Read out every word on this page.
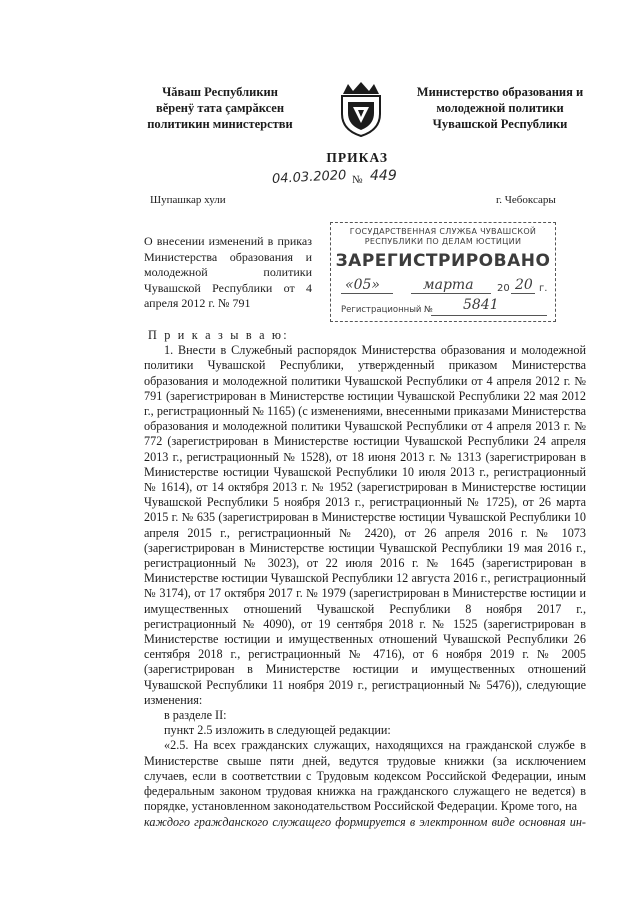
Чăваш Республикин
вĕренÿ тата çамрăксен
политикин министерстви
Министерство образования и
молодежной политики
Чувашской Республики
ПРИКАЗ
04.03.2020 № 449
Шупашкар хули	г. Чебоксары
О внесении изменений в приказ Министерства образования и молодежной политики Чувашской Республики от 4 апреля 2012 г. № 791
ГОСУДАРСТВЕННАЯ СЛУЖБА ЧУВАШСКОЙ
РЕСПУБЛИКИ ПО ДЕЛАМ ЮСТИЦИИ
ЗАРЕГИСТРИРОВАНО
«05»	марта 20 20 г.
Регистрационный № 5841

П р и к а з ы в а ю:

1. Внести в Служебный распорядок Министерства образования и молодежной политики Чувашской Республики, утвержденный приказом Министерства образования и молодежной политики Чувашской Республики от 4 апреля 2012 г. № 791 (зарегистрирован в Министерстве юстиции Чувашской Республики 22 мая 2012 г., регистрационный № 1165) (с изменениями, внесенными приказами Министерства образования и молодежной политики Чувашской Республики от 4 апреля 2013 г. № 772 (зарегистрирован в Министерстве юстиции Чувашской Республики 24 апреля 2013 г., регистрационный № 1528), от 18 июня 2013 г. № 1313 (зарегистрирован в Министерстве юстиции Чувашской Республики 10 июля 2013 г., регистрационный № 1614), от 14 октября 2013 г. № 1952 (зарегистрирован в Министерстве юстиции Чувашской Республики 5 ноября 2013 г., регистрационный № 1725), от 26 марта 2015 г. № 635 (зарегистрирован в Министерстве юстиции Чувашской Республики 10 апреля 2015 г., регистрационный № 2420), от 26 апреля 2016 г. № 1073 (зарегистрирован в Министерстве юстиции Чувашской Республики 19 мая 2016 г., регистрационный № 3023), от 22 июля 2016 г. № 1645 (зарегистрирован в Министерстве юстиции Чувашской Республики 12 августа 2016 г., регистрационный № 3174), от 17 октября 2017 г. № 1979 (зарегистрирован в Министерстве юстиции и имущественных отношений Чувашской Республики 8 ноября 2017 г., регистрационный № 4090), от 19 сентября 2018 г. № 1525 (зарегистрирован в Министерстве юстиции и имущественных отношений Чувашской Республики 26 сентября 2018 г., регистрационный № 4716), от 6 ноября 2019 г. № 2005 (зарегистрирован в Министерстве юстиции и имущественных отношений Чувашской Республики 11 ноября 2019 г., регистрационный № 5476)), следующие изменения:

в разделе II:

пункт 2.5 изложить в следующей редакции:

«2.5. На всех гражданских служащих, находящихся на гражданской службе в Министерстве свыше пяти дней, ведутся трудовые книжки (за исключением случаев, если в соответствии с Трудовым кодексом Российской Федерации, иным федеральным законом трудовая книжка на гражданского служащего не ведется) в порядке, установленном законодательством Российской Федерации. Кроме того, на

каждого гражданского служащего формируется в электронном виде основная ин-
